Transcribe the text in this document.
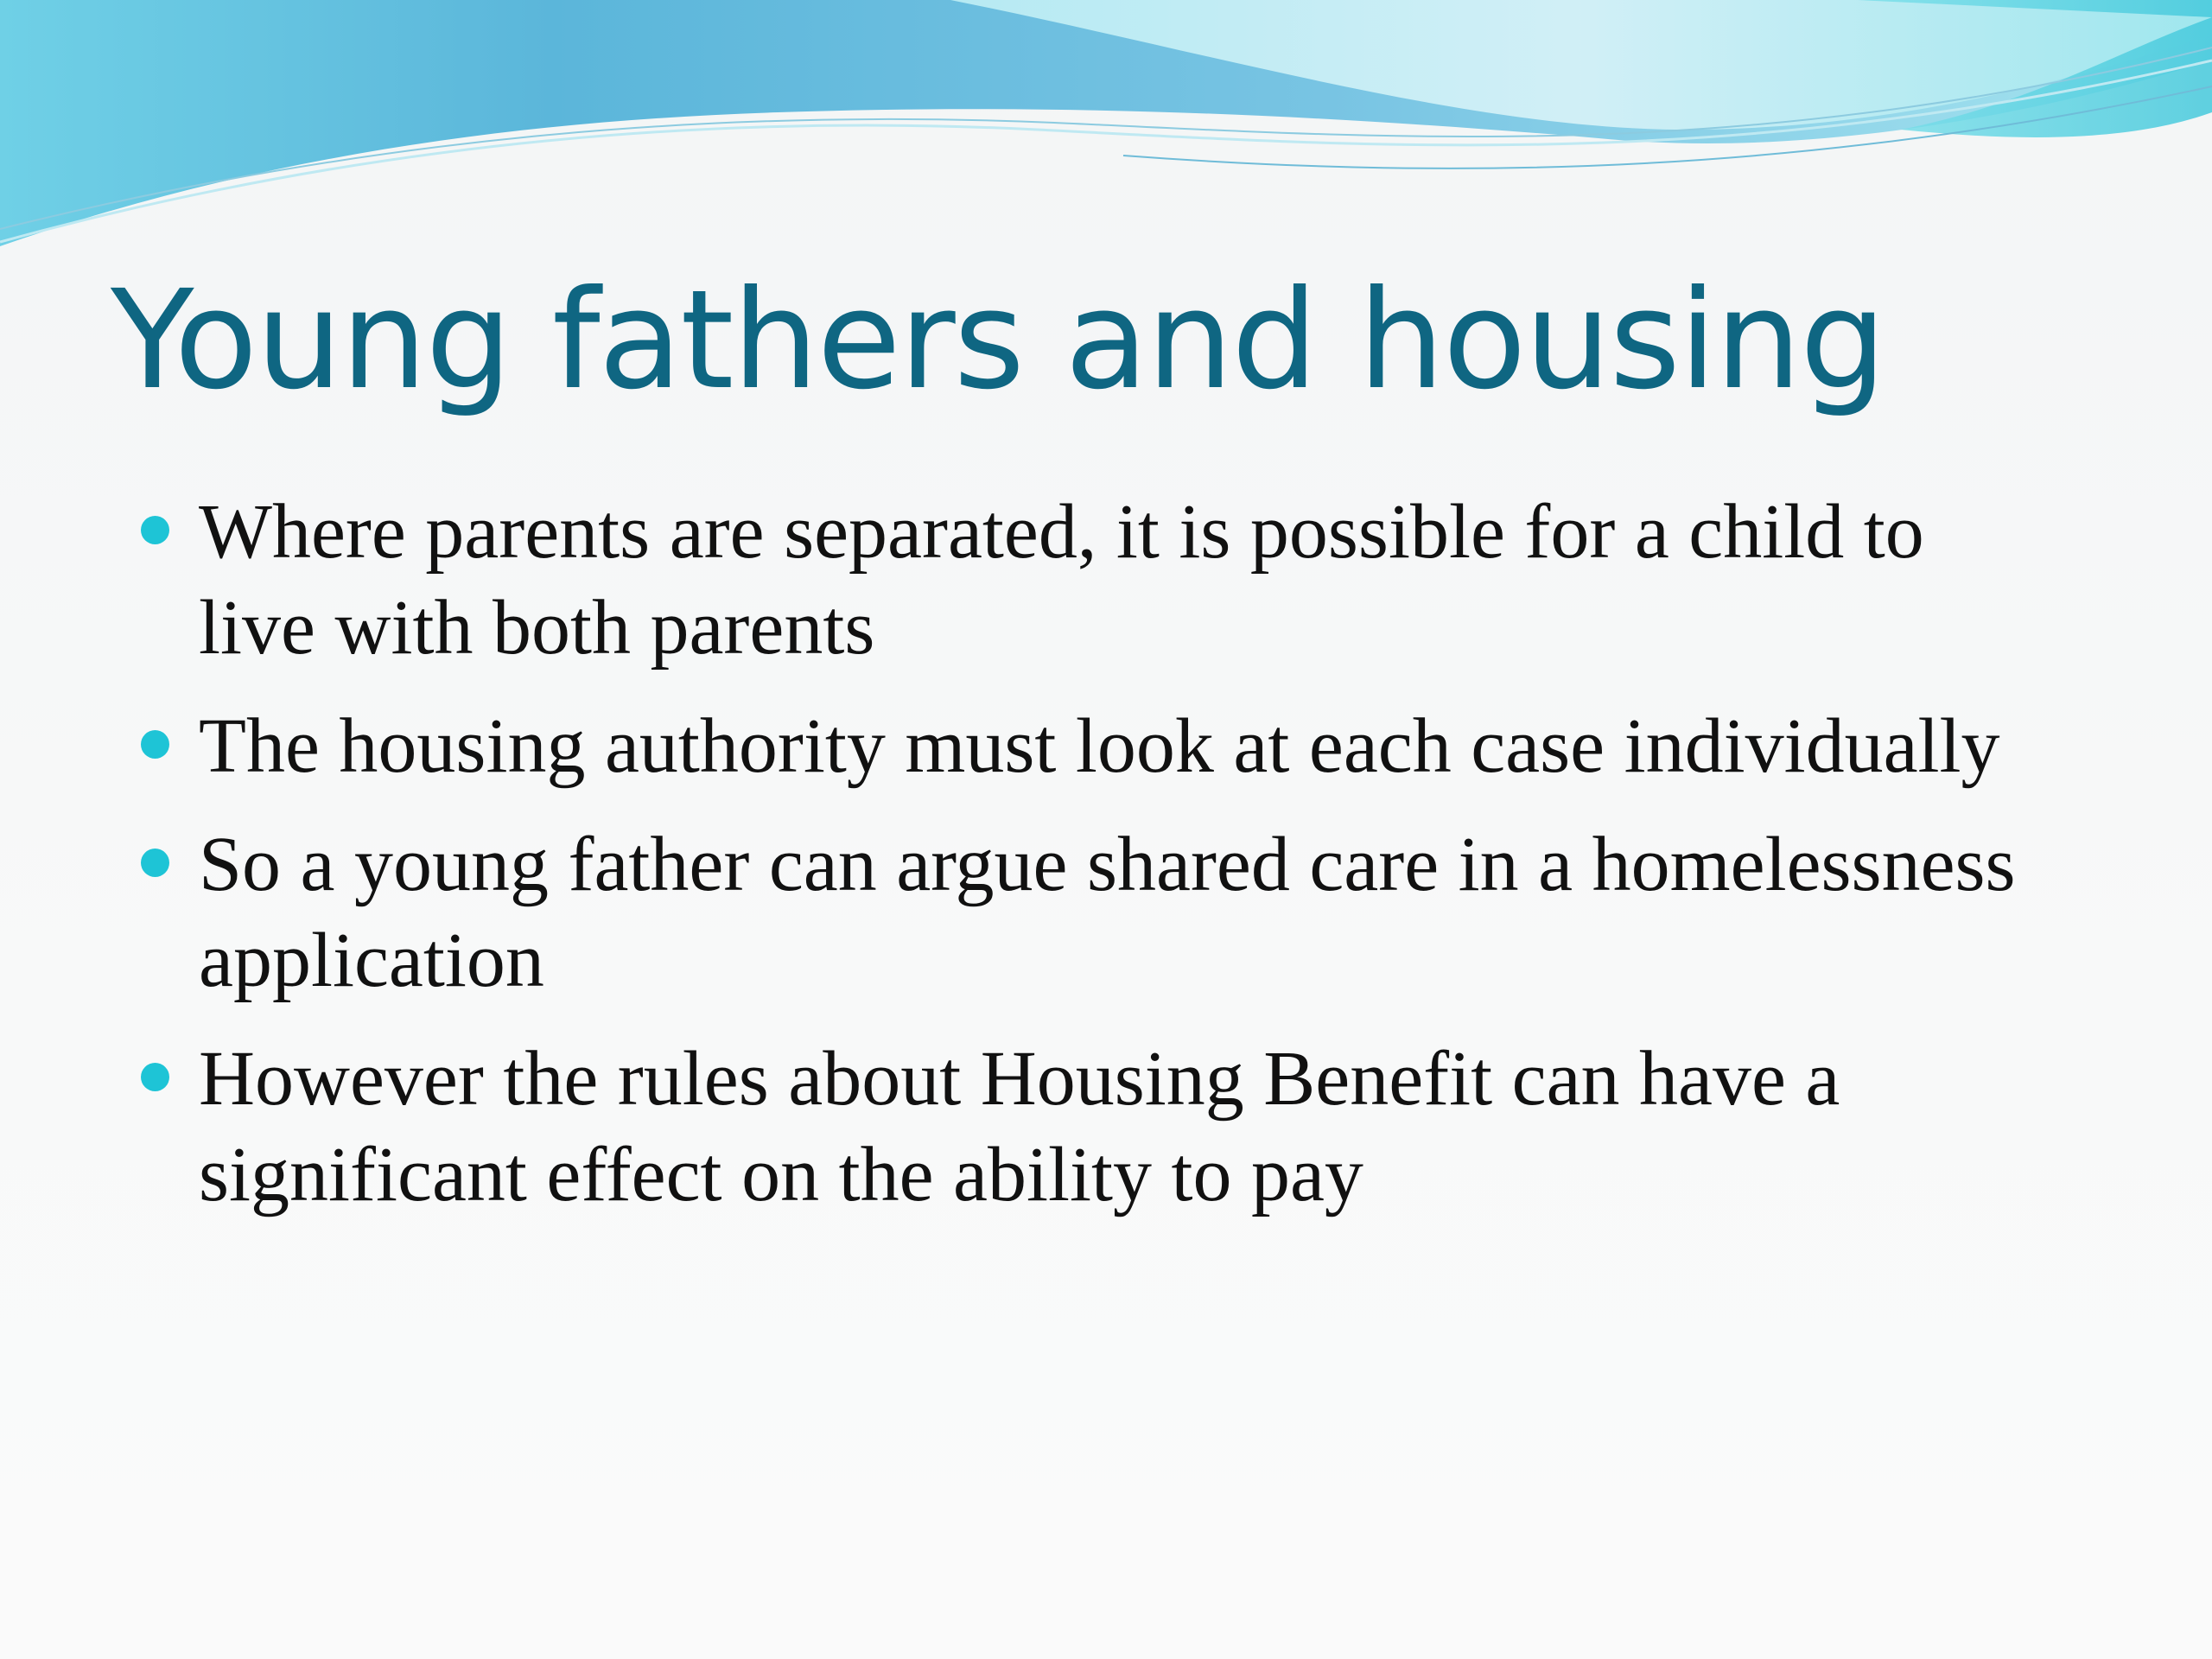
Young fathers and housing
Where parents are separated, it is possible for a child to live with both parents
The housing authority must look at each case individually
So a young father can argue shared care in a homelessness application
However the rules about Housing Benefit can have a significant effect on the ability to pay
